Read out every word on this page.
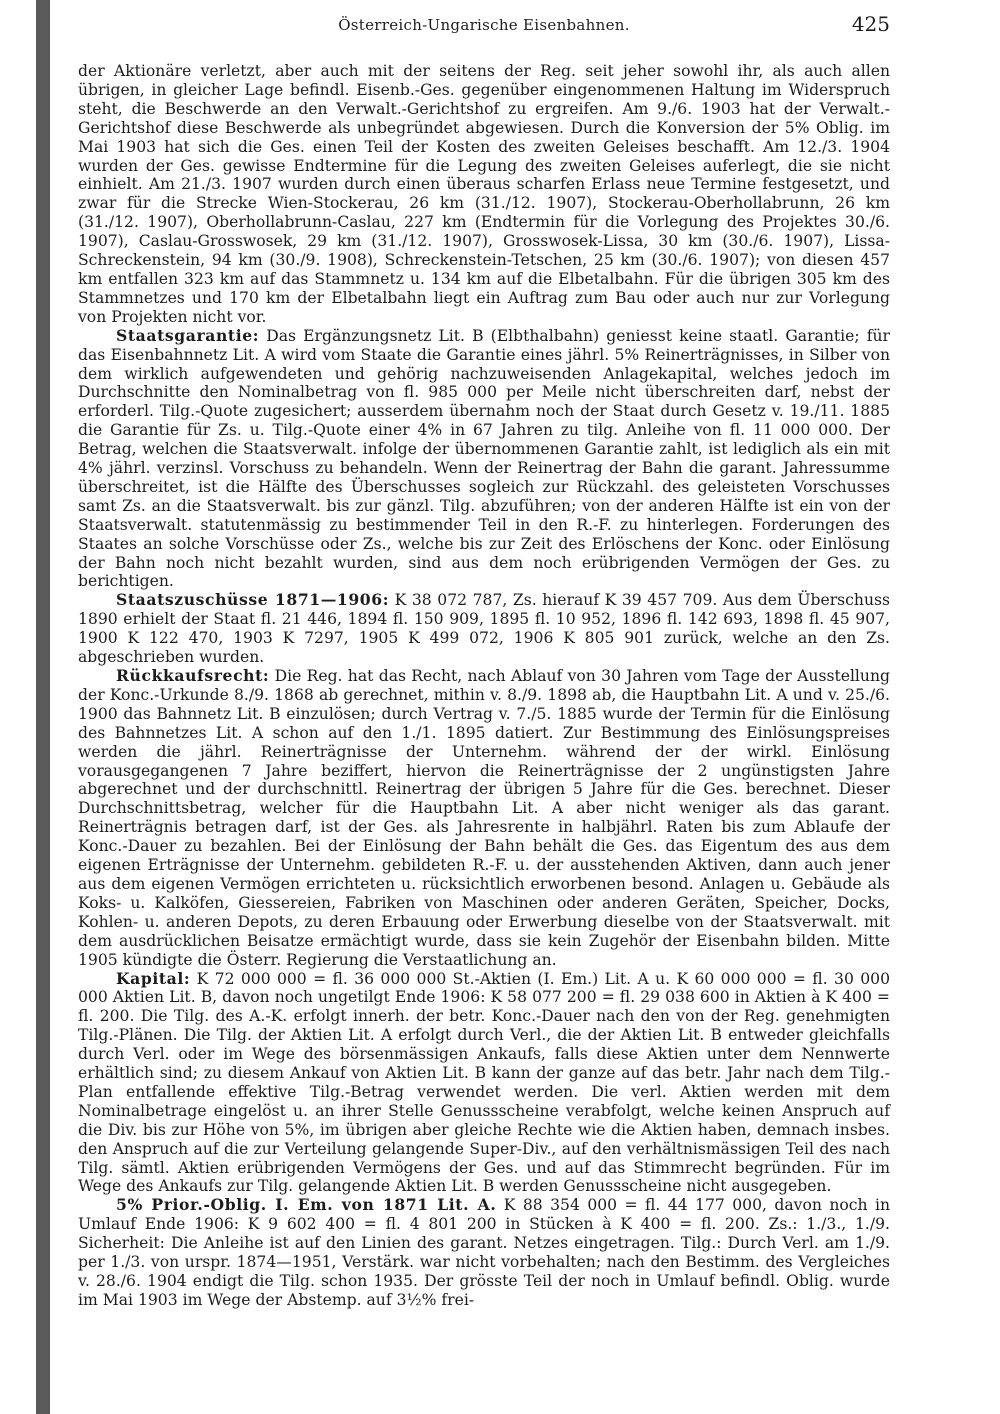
Österreich-Ungarische Eisenbahnen.	425

der Aktionäre verletzt, aber auch mit der seitens der Reg. seit jeher sowohl ihr, als auch allen übrigen, in gleicher Lage befindl. Eisenb.-Ges. gegenüber eingenommenen Haltung im Widerspruch steht, die Beschwerde an den Verwalt.-Gerichtshof zu ergreifen. Am 9./6. 1903 hat der Verwalt.-Gerichtshof diese Beschwerde als unbegründet abgewiesen. Durch die Konversion der 5% Oblig. im Mai 1903 hat sich die Ges. einen Teil der Kosten des zweiten Geleises beschafft. Am 12./3. 1904 wurden der Ges. gewisse Endtermine für die Legung des zweiten Geleises auferlegt, die sie nicht einhielt. Am 21./3. 1907 wurden durch einen überaus scharfen Erlass neue Termine festgesetzt, und zwar für die Strecke Wien-Stockerau, 26 km (31./12. 1907), Stockerau-Oberhollabrunn, 26 km (31./12. 1907), Oberhollabrunn-Caslau, 227 km (Endtermin für die Vorlegung des Projektes 30./6. 1907), Caslau-Grosswosek, 29 km (31./12. 1907), Grosswosek-Lissa, 30 km (30./6. 1907), Lissa-Schreckenstein, 94 km (30./9. 1908), Schreckenstein-Tetschen, 25 km (30./6. 1907); von diesen 457 km entfallen 323 km auf das Stammnetz u. 134 km auf die Elbetalbahn. Für die übrigen 305 km des Stammnetzes und 170 km der Elbetalbahn liegt ein Auftrag zum Bau oder auch nur zur Vorlegung von Projekten nicht vor.

Staatsgarantie: Das Ergänzungsnetz Lit. B (Elbthalbahn) geniesst keine staatl. Garantie; für das Eisenbahnnetz Lit. A wird vom Staate die Garantie eines jährl. 5% Reinerträgnisses, in Silber von dem wirklich aufgewendeten und gehörig nachzuweisenden Anlagekapital, welches jedoch im Durchschnitte den Nominalbetrag von fl. 985 000 per Meile nicht überschreiten darf, nebst der erforderl. Tilg.-Quote zugesichert; ausserdem übernahm noch der Staat durch Gesetz v. 19./11. 1885 die Garantie für Zs. u. Tilg.-Quote einer 4% in 67 Jahren zu tilg. Anleihe von fl. 11 000 000. Der Betrag, welchen die Staatsverwalt. infolge der übernommenen Garantie zahlt, ist lediglich als ein mit 4% jährl. verzinsl. Vorschuss zu behandeln. Wenn der Reinertrag der Bahn die garant. Jahressumme überschreitet, ist die Hälfte des Überschusses sogleich zur Rückzahl. des geleisteten Vorschusses samt Zs. an die Staatsverwalt. bis zur gänzl. Tilg. abzuführen; von der anderen Hälfte ist ein von der Staatsverwalt. statutenmässig zu bestimmender Teil in den R.-F. zu hinterlegen. Forderungen des Staates an solche Vorschüsse oder Zs., welche bis zur Zeit des Erlöschens der Konc. oder Einlösung der Bahn noch nicht bezahlt wurden, sind aus dem noch erübrigenden Vermögen der Ges. zu berichtigen.

Staatszuschüsse 1871—1906: K 38 072 787, Zs. hierauf K 39 457 709. Aus dem Überschuss 1890 erhielt der Staat fl. 21 446, 1894 fl. 150 909, 1895 fl. 10 952, 1896 fl. 142 693, 1898 fl. 45 907, 1900 K 122 470, 1903 K 7297, 1905 K 499 072, 1906 K 805 901 zurück, welche an den Zs. abgeschrieben wurden.

Rückkaufsrecht: Die Reg. hat das Recht, nach Ablauf von 30 Jahren vom Tage der Ausstellung der Konc.-Urkunde 8./9. 1868 ab gerechnet, mithin v. 8./9. 1898 ab, die Hauptbahn Lit. A und v. 25./6. 1900 das Bahnnetz Lit. B einzulösen; durch Vertrag v. 7./5. 1885 wurde der Termin für die Einlösung des Bahnnetzes Lit. A schon auf den 1./1. 1895 datiert. Zur Bestimmung des Einlösungspreises werden die jährl. Reinerträgnisse der Unternehm. während der der wirkl. Einlösung vorausgegangenen 7 Jahre beziffert, hiervon die Reinerträgnisse der 2 ungünstigsten Jahre abgerechnet und der durchschnittl. Reinertrag der übrigen 5 Jahre für die Ges. berechnet. Dieser Durchschnittsbetrag, welcher für die Hauptbahn Lit. A aber nicht weniger als das garant. Reinerträgnis betragen darf, ist der Ges. als Jahresrente in halbjährl. Raten bis zum Ablaufe der Konc.-Dauer zu bezahlen. Bei der Einlösung der Bahn behält die Ges. das Eigentum des aus dem eigenen Erträgnisse der Unternehm. gebildeten R.-F. u. der ausstehenden Aktiven, dann auch jener aus dem eigenen Vermögen errichteten u. rücksichtlich erworbenen besond. Anlagen u. Gebäude als Koks- u. Kalköfen, Giessereien, Fabriken von Maschinen oder anderen Geräten, Speicher, Docks, Kohlen- u. anderen Depots, zu deren Erbauung oder Erwerbung dieselbe von der Staatsverwalt. mit dem ausdrücklichen Beisatze ermächtigt wurde, dass sie kein Zugehör der Eisenbahn bilden. Mitte 1905 kündigte die Österr. Regierung die Verstaatlichung an.

Kapital: K 72 000 000 = fl. 36 000 000 St.-Aktien (I. Em.) Lit. A u. K 60 000 000 = fl. 30 000 000 Aktien Lit. B, davon noch ungetilgt Ende 1906: K 58 077 200 = fl. 29 038 600 in Aktien à K 400 = fl. 200. Die Tilg. des A.-K. erfolgt innerh. der betr. Konc.-Dauer nach den von der Reg. genehmigten Tilg.-Plänen. Die Tilg. der Aktien Lit. A erfolgt durch Verl., die der Aktien Lit. B entweder gleichfalls durch Verl. oder im Wege des börsenmässigen Ankaufs, falls diese Aktien unter dem Nennwerte erhältlich sind; zu diesem Ankauf von Aktien Lit. B kann der ganze auf das betr. Jahr nach dem Tilg.-Plan entfallende effektive Tilg.-Betrag verwendet werden. Die verl. Aktien werden mit dem Nominalbetrage eingelöst u. an ihrer Stelle Genussscheine verabfolgt, welche keinen Anspruch auf die Div. bis zur Höhe von 5%, im übrigen aber gleiche Rechte wie die Aktien haben, demnach insbes. den Anspruch auf die zur Verteilung gelangende Super-Div., auf den verhältnismässigen Teil des nach Tilg. sämtl. Aktien erübrigenden Vermögens der Ges. und auf das Stimmrecht begründen. Für im Wege des Ankaufs zur Tilg. gelangende Aktien Lit. B werden Genussscheine nicht ausgegeben.

5% Prior.-Oblig. I. Em. von 1871 Lit. A. K 88 354 000 = fl. 44 177 000, davon noch in Umlauf Ende 1906: K 9 602 400 = fl. 4 801 200 in Stücken à K 400 = fl. 200. Zs.: 1./3., 1./9. Sicherheit: Die Anleihe ist auf den Linien des garant. Netzes eingetragen. Tilg.: Durch Verl. am 1./9. per 1./3. von urspr. 1874—1951, Verstärk. war nicht vorbehalten; nach den Bestimm. des Vergleiches v. 28./6. 1904 endigt die Tilg. schon 1935. Der grösste Teil der noch in Umlauf befindl. Oblig. wurde im Mai 1903 im Wege der Abstemp. auf 3½% frei-
